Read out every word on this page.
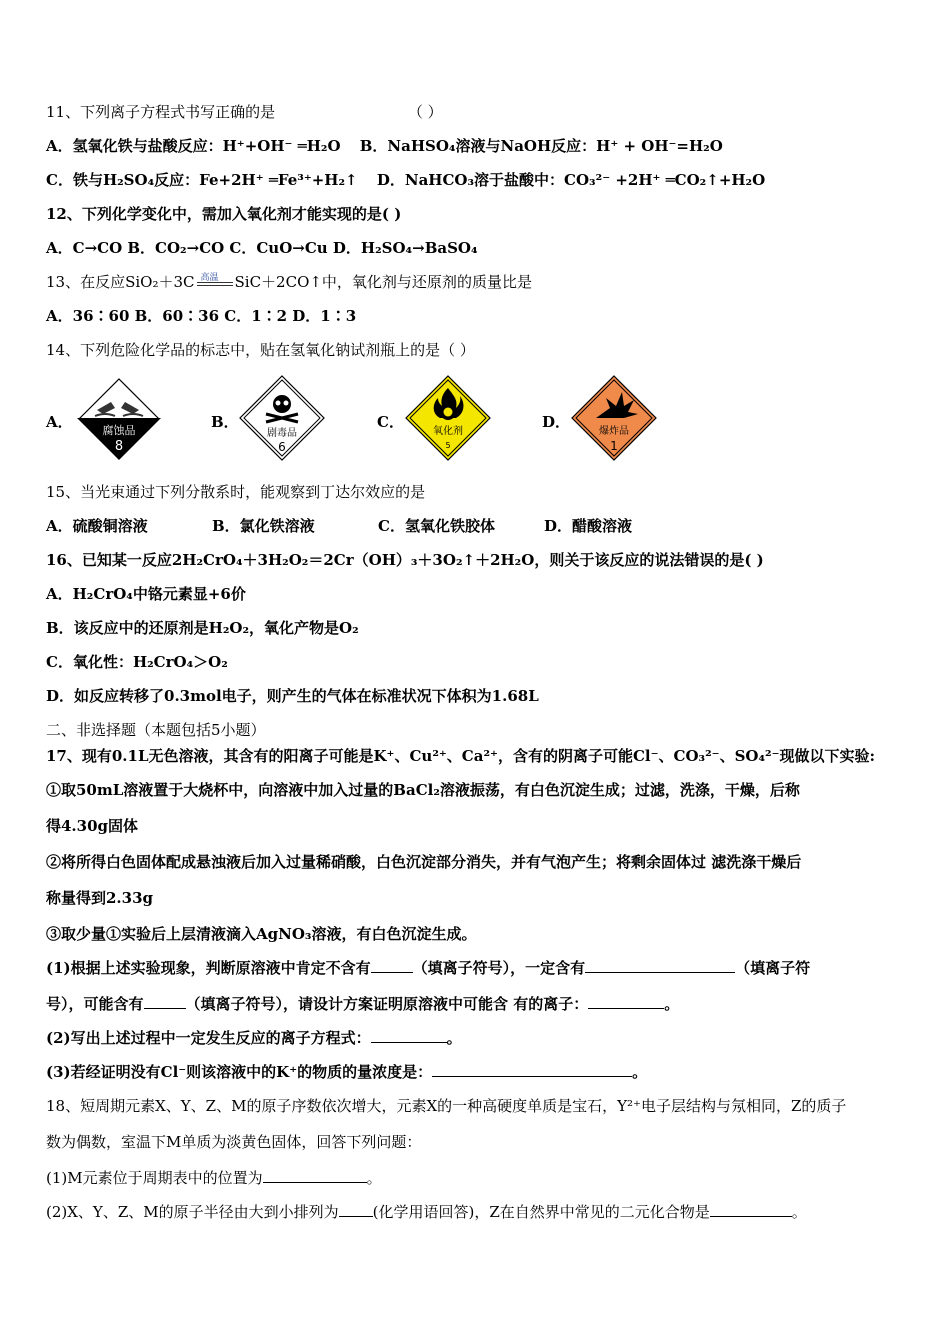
11、下列离子方程式书写正确的是	（ ）
A．氢氧化铁与盐酸反应：H⁺+OH⁻ ═H₂O B．NaHSO₄溶液与NaOH反应：H⁺ + OH⁻=H₂O
C．铁与H₂SO₄反应：Fe+2H⁺ ═Fe³⁺+H₂↑ D．NaHCO₃溶于盐酸中：CO₃²⁻ +2H⁺ ═CO₂↑+H₂O
12、下列化学变化中，需加入氧化剂才能实现的是( )
A．C→CO B．CO₂→CO C．CuO→Cu D．H₂SO₄→BaSO₄
13、在反应SiO₂＋3C 高温 SiC＋2CO↑中，氧化剂与还原剂的质量比是
A．36∶60 B．60∶36 C．1∶2 D．1∶3
14、下列危险化学品的标志中，贴在氢氧化钠试剂瓶上的是（ ）
A．	腐蚀品
8
B．
剧毒品
6
C．
氧化剂
5
D．
爆炸品
1
15、当光束通过下列分散系时，能观察到丁达尔效应的是
A．硫酸铜溶液	B．氯化铁溶液	C．氢氧化铁胶体	D．醋酸溶液
16、已知某一反应2H₂CrO₄＋3H₂O₂＝2Cr（OH）₃＋3O₂↑＋2H₂O，则关于该反应的说法错误的是( )
A．H₂CrO₄中铬元素显+6价
B．该反应中的还原剂是H₂O₂，氧化产物是O₂
C．氧化性：H₂CrO₄＞O₂
D．如反应转移了0.3mol电子，则产生的气体在标准状况下体积为1.68L
二、非选择题（本题包括5小题）
17、现有0.1L无色溶液，其含有的阳离子可能是K⁺、Cu²⁺、Ca²⁺，含有的阴离子可能Cl⁻、CO₃²⁻、SO₄²⁻现做以下实验:
①取50mL溶液置于大烧杯中，向溶液中加入过量的BaCl₂溶液振荡，有白色沉淀生成；过滤，洗涤，干燥，后称
得4.30g固体
②将所得白色固体配成悬浊液后加入过量稀硝酸，白色沉淀部分消失，并有气泡产生；将剩余固体过 滤洗涤干燥后
称量得到2.33g
③取少量①实验后上层清液滴入AgNO₃溶液，有白色沉淀生成。
(1)根据上述实验现象，判断原溶液中肯定不含有	（填离子符号），一定含有	（填离子符
号），可能含有	（填离子符号），请设计方案证明原溶液中可能含 有的离子：	。
(2)写出上述过程中一定发生反应的离子方程式：	。
(3)若经证明没有Cl⁻则该溶液中的K⁺的物质的量浓度是：	。
18、短周期元素X、Y、Z、M的原子序数依次增大，元素X的一种高硬度单质是宝石，Y²⁺电子层结构与氖相同，Z的质子
数为偶数，室温下M单质为淡黄色固体，回答下列问题：
(1)M元素位于周期表中的位置为	。
(2)X、Y、Z、M的原子半径由大到小排列为 (化学用语回答)，Z在自然界中常见的二元化合物是	。
